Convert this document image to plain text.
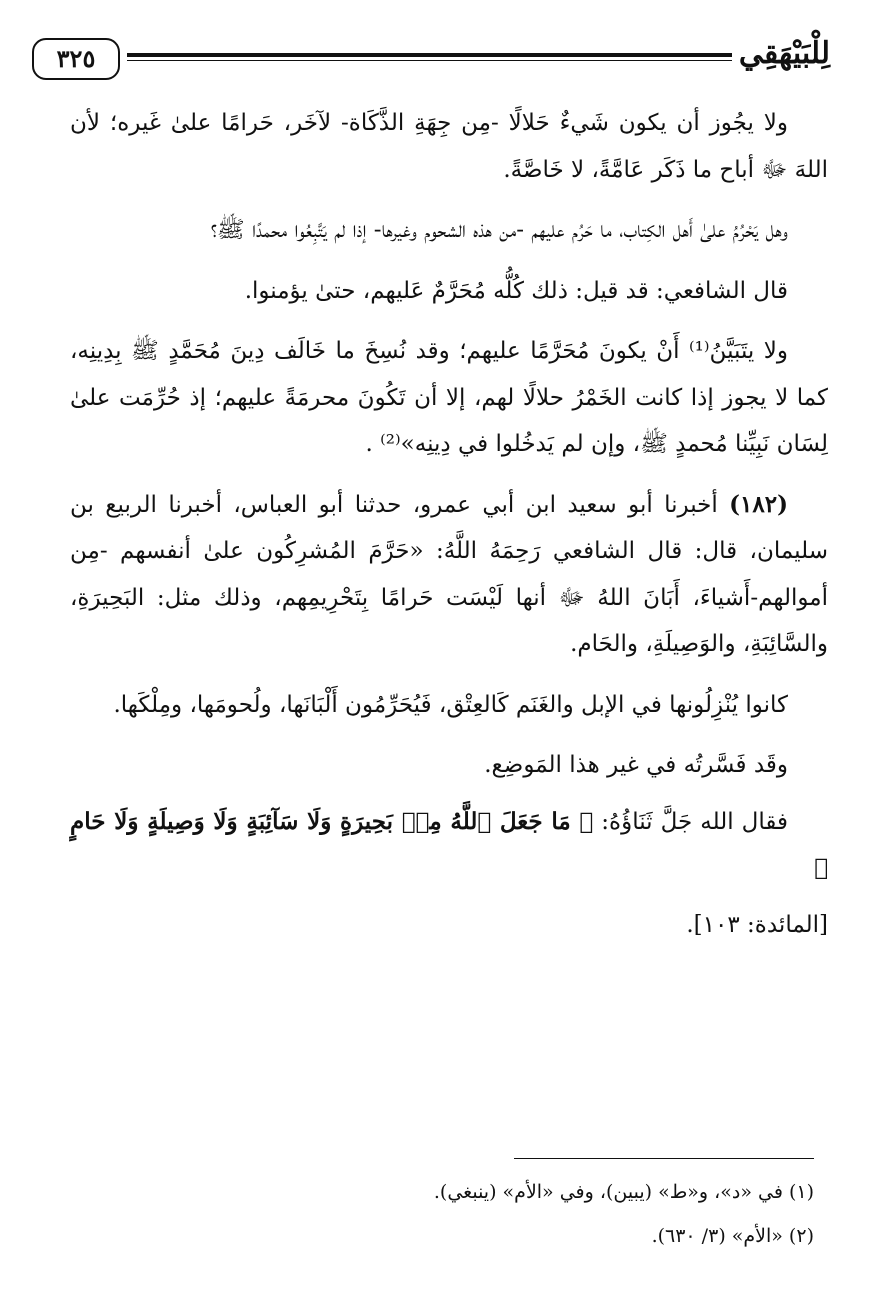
لِلْبَيْهَقِي
٣٢٥

ولا يجُوز أن يكون شَيءٌ حَلالًا -مِن جِهَةِ الذَّكَاة- لآخَر، حَرامًا علىٰ غَيره؛ لأن اللهَ ﷻ أباح ما ذَكَر عَامَّةً، لا خَاصَّةً.

وهل يَحْرُمُ علىٰ أَهل الكِتاب، ما حَرُم عليهم -من هذه الشحوم وغيرها- إذا لم يَتَّبِعُوا محمدًا ﷺ؟

قال الشافعي: قد قيل: ذلك كُلُّه مُحَرَّمٌ عَليهم، حتىٰ يؤمنوا.

ولا يتَبَيَّنُ⁽¹⁾ أَنْ يكونَ مُحَرَّمًا عليهم؛ وقد نُسِخَ ما خَالَف دِينَ مُحَمَّدٍ ﷺ بِدِينِه، كما لا يجوز إذا كانت الخَمْرُ حلالًا لهم، إلا أن تَكُونَ محرمَةً عليهم؛ إذ حُرِّمَت علىٰ لِسَان نَبِيِّنا مُحمدٍ ﷺ، وإن لم يَدخُلوا في دِينِه»⁽²⁾ .

(١٨٢) أخبرنا أبو سعيد ابن أبي عمرو، حدثنا أبو العباس، أخبرنا الربيع بن سليمان، قال: قال الشافعي رَحِمَهُ اللَّهُ: «حَرَّمَ المُشرِكُون علىٰ أنفسهم -مِن أموالهم-أَشياءَ، أَبَانَ اللهُ ﷻ أنها لَيْسَت حَرامًا بِتَحْرِيمِهم، وذلك مثل: البَحِيرَةِ، والسَّائِبَةِ، والوَصِيلَةِ، والحَام.

كانوا يُنْزِلُونها في الإبل والغَنَم كَالعِتْق، فَيُحَرِّمُون أَلْبَانَها، ولُحومَها، ومِلْكَها.

وقَد فَسَّرتُه في غير هذا المَوضِع.

فقال الله جَلَّ ثَنَاؤُهُ: ﴿ مَا جَعَلَ ٱللَّهُ مِنۢ بَحِيرَةٍ وَلَا سَآئِبَةٍ وَلَا وَصِيلَةٍ وَلَا حَامٍ ﴾

[المائدة: ١٠٣].

(١) في «د»، و«ط» (يبين)، وفي «الأم» (ينبغي).

(٢) «الأم» (٣/ ٦٣٠).
